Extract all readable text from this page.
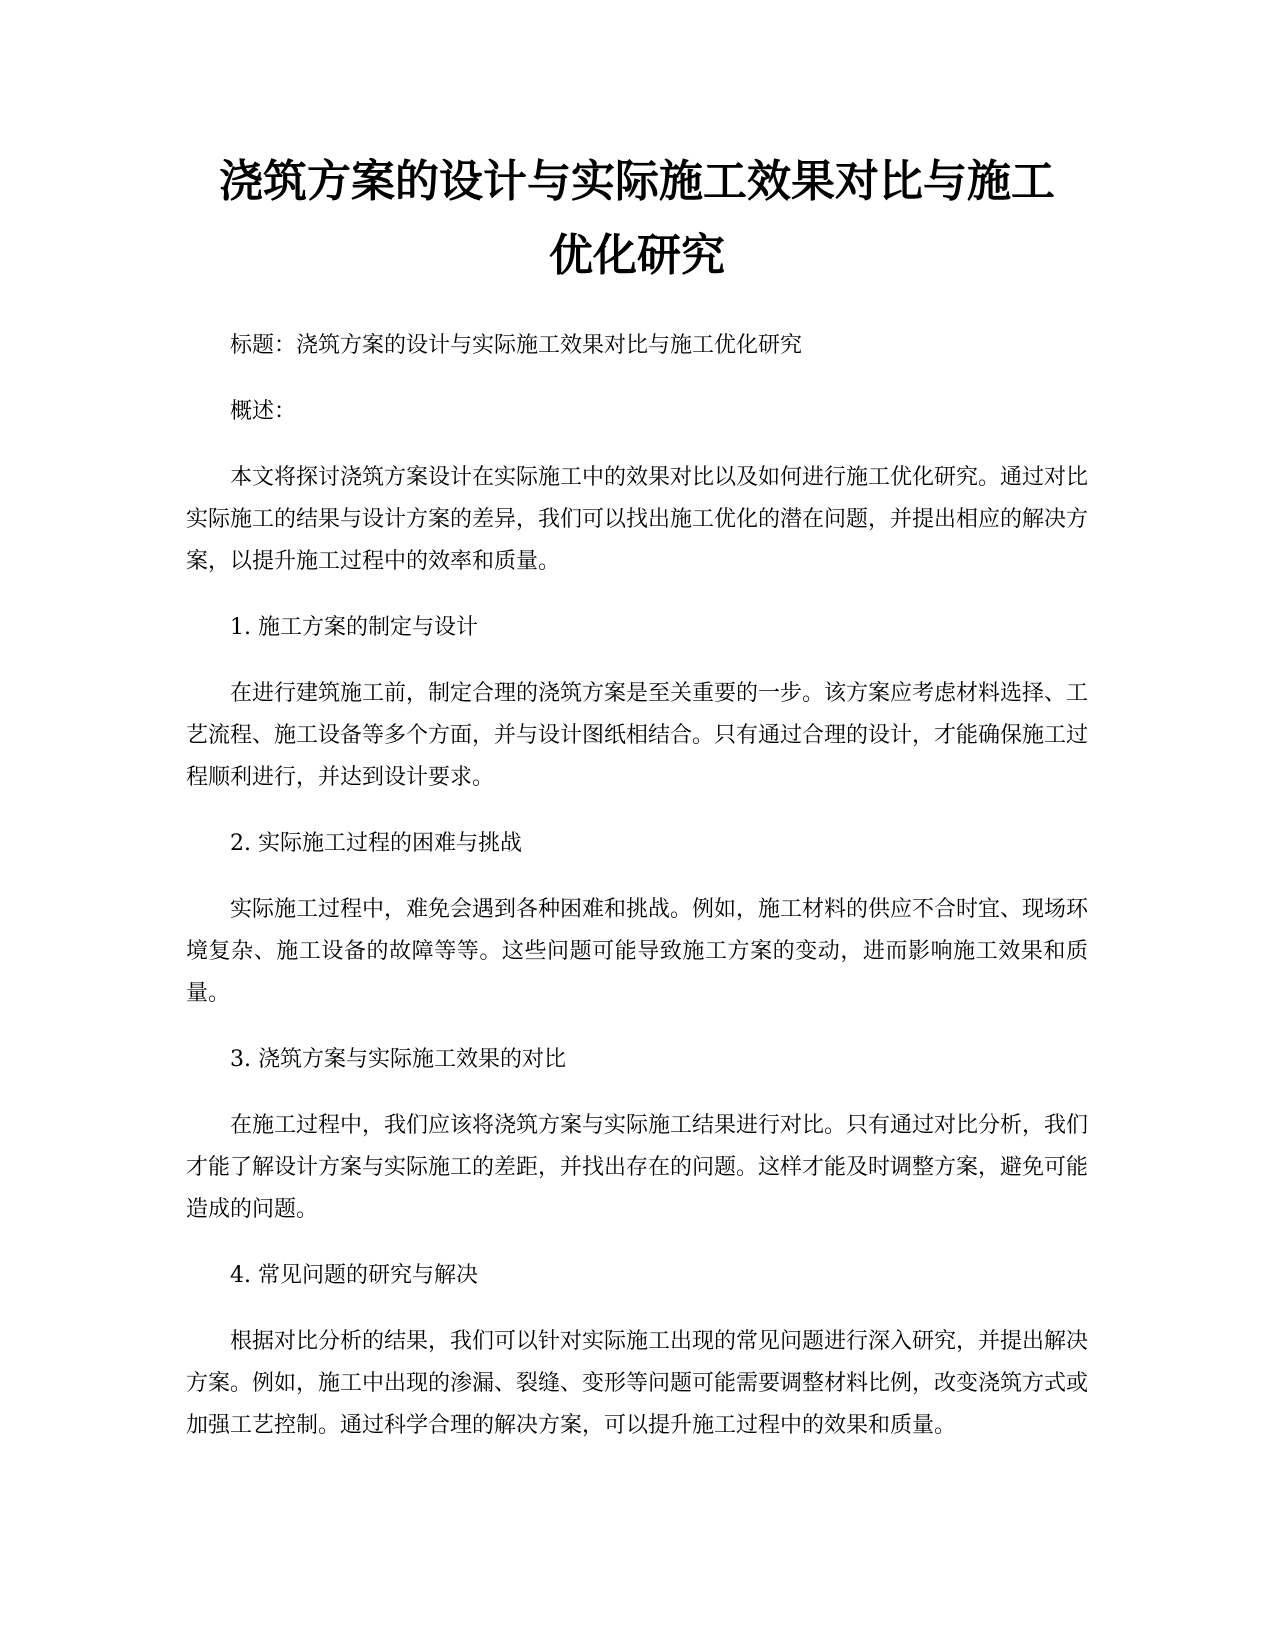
浇筑方案的设计与实际施工效果对比与施工
优化研究

标题：浇筑方案的设计与实际施工效果对比与施工优化研究

概述：

本文将探讨浇筑方案设计在实际施工中的效果对比以及如何进行施工优化研究。通过对比实际施工的结果与设计方案的差异，我们可以找出施工优化的潜在问题，并提出相应的解决方案，以提升施工过程中的效率和质量。

1. 施工方案的制定与设计

在进行建筑施工前，制定合理的浇筑方案是至关重要的一步。该方案应考虑材料选择、工艺流程、施工设备等多个方面，并与设计图纸相结合。只有通过合理的设计，才能确保施工过程顺利进行，并达到设计要求。

2. 实际施工过程的困难与挑战

实际施工过程中，难免会遇到各种困难和挑战。例如，施工材料的供应不合时宜、现场环境复杂、施工设备的故障等等。这些问题可能导致施工方案的变动，进而影响施工效果和质量。

3. 浇筑方案与实际施工效果的对比

在施工过程中，我们应该将浇筑方案与实际施工结果进行对比。只有通过对比分析，我们才能了解设计方案与实际施工的差距，并找出存在的问题。这样才能及时调整方案，避免可能造成的问题。

4. 常见问题的研究与解决

根据对比分析的结果，我们可以针对实际施工出现的常见问题进行深入研究，并提出解决方案。例如，施工中出现的渗漏、裂缝、变形等问题可能需要调整材料比例，改变浇筑方式或加强工艺控制。通过科学合理的解决方案，可以提升施工过程中的效果和质量。
